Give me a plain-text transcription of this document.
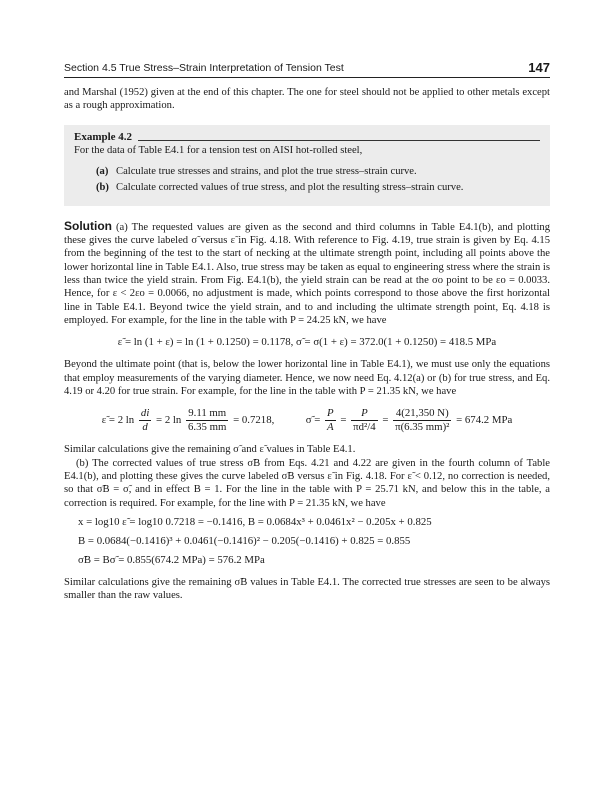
Section 4.5 True Stress–Strain Interpretation of Tension Test	147

and Marshal (1952) given at the end of this chapter. The one for steel should not be applied to other metals except as a rough approximation.

Example 4.2

For the data of Table E4.1 for a tension test on AISI hot-rolled steel,

(a) Calculate true stresses and strains, and plot the true stress–strain curve.
(b) Calculate corrected values of true stress, and plot the resulting stress–strain curve.

Solution (a) The requested values are given as the second and third columns in Table E4.1(b), and plotting these gives the curve labeled σ̃ versus ε̃ in Fig. 4.18. With reference to Fig. 4.19, true strain is given by Eq. 4.15 from the beginning of the test to the start of necking at the ultimate strength point, including all points above the lower horizontal line in Table E4.1. Also, true stress may be taken as equal to engineering stress where the strain is less than twice the yield strain. From Fig. E4.1(b), the yield strain can be read at the σo point to be εo = 0.0033. Hence, for ε < 2εo = 0.0066, no adjustment is made, which points correspond to those above the first horizontal line in Table E4.1. Beyond twice the yield strain, and to and including the ultimate strength point, Eq. 4.18 is employed. For example, for the line in the table with P = 24.25 kN, we have

ε̃ = ln (1 + ε) = ln (1 + 0.1250) = 0.1178, σ̃ = σ(1 + ε) = 372.0(1 + 0.1250) = 418.5 MPa

Beyond the ultimate point (that is, below the lower horizontal line in Table E4.1), we must use only the equations that employ measurements of the varying diameter. Hence, we now need Eq. 4.12(a) or (b) for true stress, and Eq. 4.19 or 4.20 for true strain. For example, for the line in the table with P = 21.35 kN, we have

ε̃ = 2 $\ln \frac{di}{d} = 2$ $\ln \frac{9.11 mm}{6.35 mm} = 0.7218$,	σ̃ = $\frac{P}{A} = \frac{P}{\text{πd²/4}} = \frac{4(21,350 N)}{\text{π(6.35 mm)²}} = 674.2$ MPa

Similar calculations give the remaining σ̃ and ε̃ values in Table E4.1.

(b) The corrected values of true stress σ̃B from Eqs. 4.21 and 4.22 are given in the fourth column of Table E4.1(b), and plotting these gives the curve labeled σ̃B versus ε̃ in Fig. 4.18. For ε̃ < 0.12, no correction is needed, so that σ̃B = σ̃, and in effect B = 1. For the line in the table with P = 25.71 kN, and below this in the table, a correction is required. For example, for the line with P = 21.35 kN, we have

x = log10 ε̃ = log10 0.7218 = −0.1416, B = 0.0684x³ + 0.0461x² − 0.205x + 0.825
B = 0.0684(−0.1416)³ + 0.0461(−0.1416)² − 0.205(−0.1416) + 0.825 = 0.855
σ̃B = Bσ̃ = 0.855(674.2 MPa) = 576.2 MPa

Similar calculations give the remaining σ̃B values in Table E4.1. The corrected true stresses are seen to be always smaller than the raw values.
